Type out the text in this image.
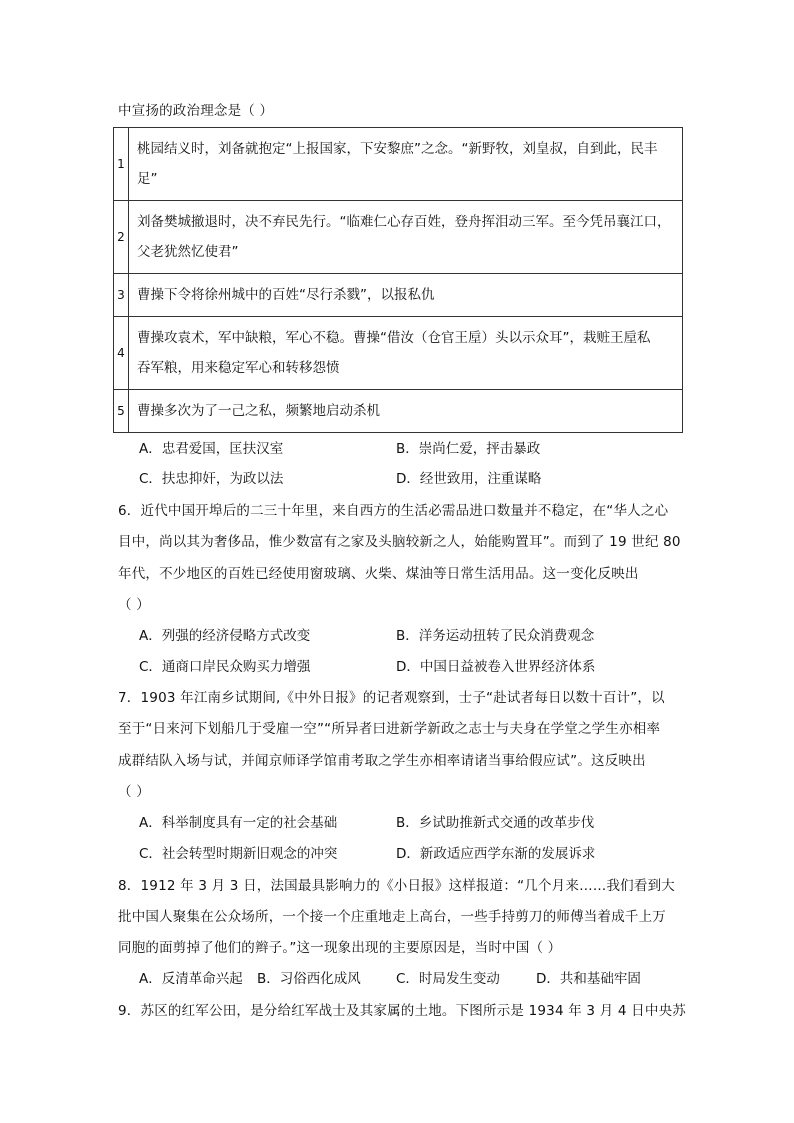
中宣扬的政治理念是（ ）
1	桃园结义时，刘备就抱定“上报国家，下安黎庶”之念。“新野牧，刘皇叔，自到此，民丰
足”

2	刘备樊城撤退时，决不弃民先行。“临难仁心存百姓，登舟挥泪动三军。至今凭吊襄江口，
父老犹然忆使君”

3	曹操下令将徐州城中的百姓“尽行杀戮”，以报私仇

4	曹操攻袁术，军中缺粮，军心不稳。曹操“借汝（仓官王垕）头以示众耳”，栽赃王垕私
吞军粮，用来稳定军心和转移怨愤

5	曹操多次为了一己之私，频繁地启动杀机
A．忠君爱国，匡扶汉室	B．崇尚仁爱，抨击暴政
C．扶忠抑奸，为政以法	D．经世致用，注重谋略
6．近代中国开埠后的二三十年里，来自西方的生活必需品进口数量并不稳定，在“华人之心
目中，尚以其为奢侈品，惟少数富有之家及头脑较新之人，始能购置耳”。而到了 19 世纪 80
年代，不少地区的百姓已经使用窗玻璃、火柴、煤油等日常生活用品。这一变化反映出
（ ）
A．列强的经济侵略方式改变	B．洋务运动扭转了民众消费观念
C．通商口岸民众购买力增强	D．中国日益被卷入世界经济体系
7．1903 年江南乡试期间,《中外日报》的记者观察到，士子“赴试者每日以数十百计”，以
至于“日来河下划船几于受雇一空”“所异者曰进新学新政之志士与夫身在学堂之学生亦相率
成群结队入场与试，并闻京师译学馆甫考取之学生亦相率请诸当事给假应试”。这反映出
（ ）
A．科举制度具有一定的社会基础	B．乡试助推新式交通的改革步伐
C．社会转型时期新旧观念的冲突	D．新政适应西学东渐的发展诉求
8．1912 年 3 月 3 日，法国最具影响力的《小日报》这样报道：“几个月来……我们看到大
批中国人聚集在公众场所，一个接一个庄重地走上高台，一些手持剪刀的师傅当着成千上万
同胞的面剪掉了他们的辫子。”这一现象出现的主要原因是，当时中国（ ）
A．反清革命兴起 B．习俗西化成风	C．时局发生变动	D．共和基础牢固
9．苏区的红军公田，是分给红军战士及其家属的土地。下图所示是 1934 年 3 月 4 日中央苏
